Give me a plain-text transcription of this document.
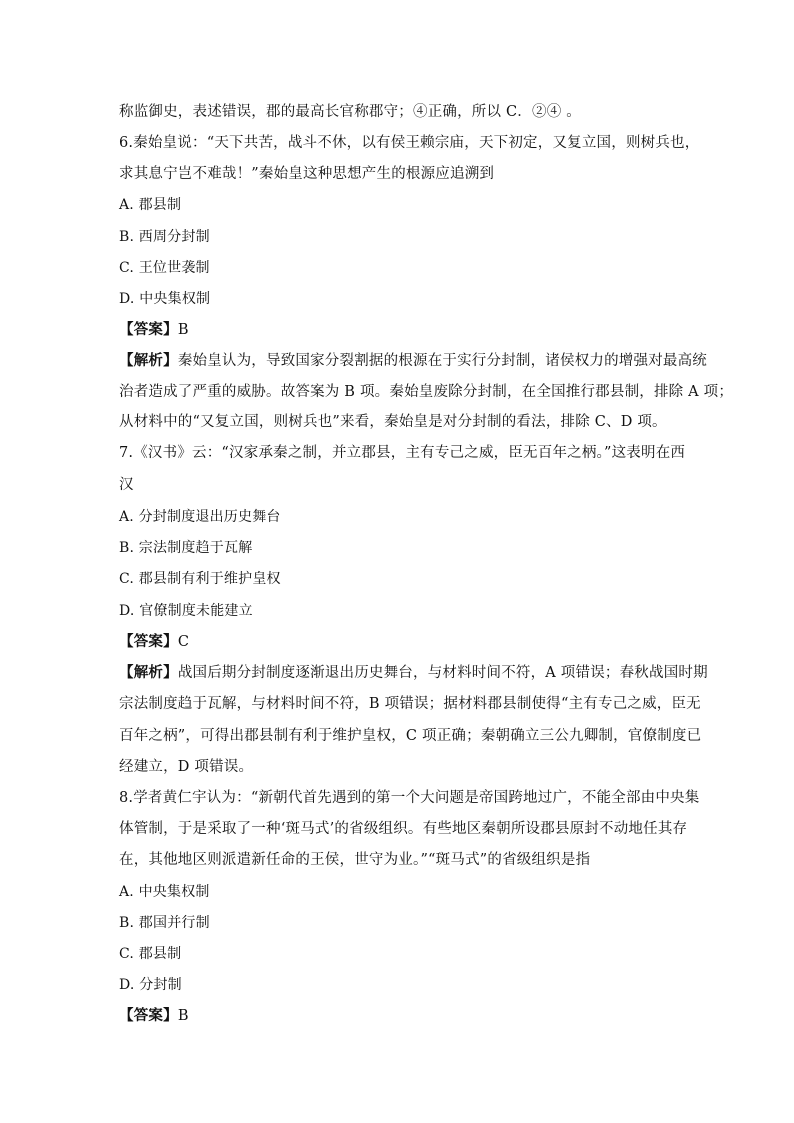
称监御史，表述错误，郡的最高长官称郡守；④正确，所以 C．②④ 。
6.秦始皇说：“天下共苦，战斗不休，以有侯王赖宗庙，天下初定，又复立国，则树兵也，
求其息宁岂不难哉！”秦始皇这种思想产生的根源应追溯到
A. 郡县制
B. 西周分封制
C. 王位世袭制
D. 中央集权制
【答案】B
【解析】秦始皇认为，导致国家分裂割据的根源在于实行分封制，诸侯权力的增强对最高统
治者造成了严重的威胁。故答案为 B 项。秦始皇废除分封制，在全国推行郡县制，排除 A 项；
从材料中的“又复立国，则树兵也”来看，秦始皇是对分封制的看法，排除 C、D 项。
7.《汉书》云：“汉家承秦之制，并立郡县，主有专己之威，臣无百年之柄。”这表明在西
汉
A. 分封制度退出历史舞台
B. 宗法制度趋于瓦解
C. 郡县制有利于维护皇权
D. 官僚制度未能建立
【答案】C
【解析】战国后期分封制度逐渐退出历史舞台，与材料时间不符，A 项错误；春秋战国时期
宗法制度趋于瓦解，与材料时间不符，B 项错误；据材料郡县制使得“主有专己之威，臣无
百年之柄”，可得出郡县制有利于维护皇权，C 项正确；秦朝确立三公九卿制，官僚制度已
经建立，D 项错误。
8.学者黄仁宇认为：“新朝代首先遇到的第一个大问题是帝国跨地过广，不能全部由中央集
体管制，于是采取了一种‘斑马式’的省级组织。有些地区秦朝所设郡县原封不动地任其存
在，其他地区则派遣新任命的王侯，世守为业。”“斑马式”的省级组织是指
A. 中央集权制
B. 郡国并行制
C. 郡县制
D. 分封制
【答案】B
